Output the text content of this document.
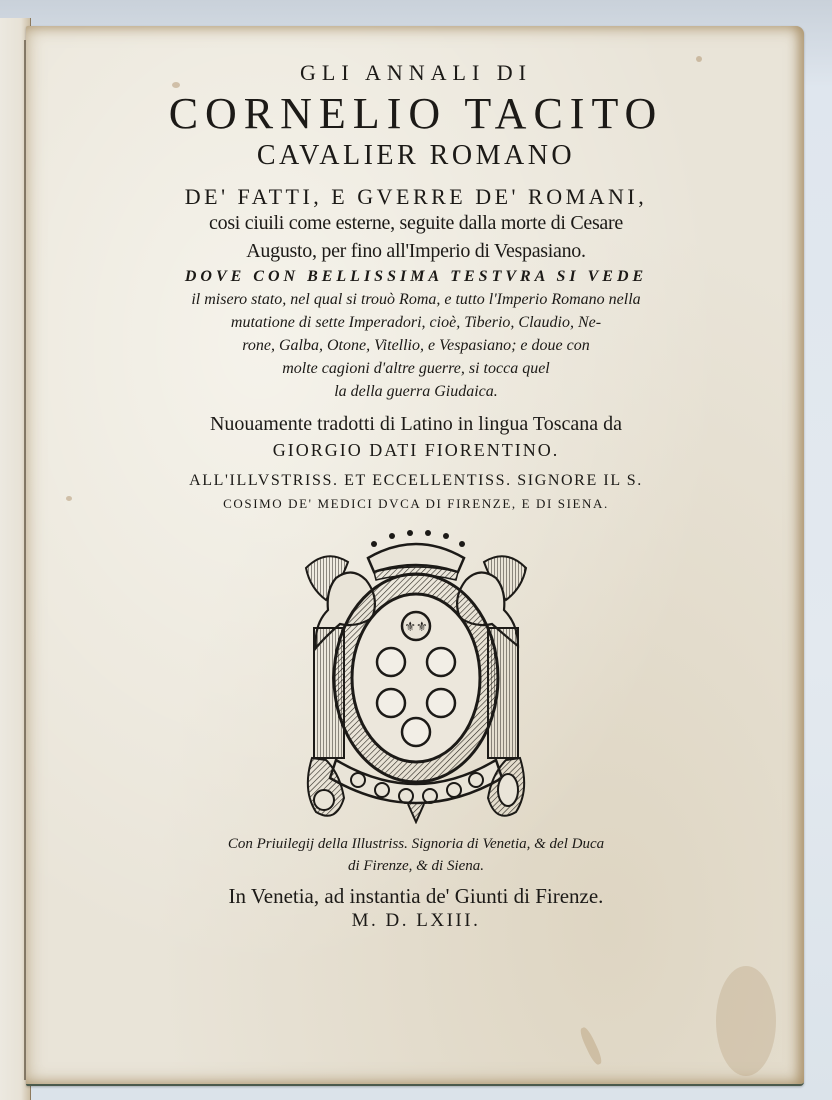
GLI ANNALI DI
CORNELIO TACITO
CAVALIER ROMANO
DE' FATTI, E GVERRE DE' ROMANI,
cosi ciuili come esterne, seguite dalla morte di Cesare
Augusto, per fino all'Imperio di Vespasiano.
DOVE CON BELLISSIMA TESTVRA SI VEDE
il misero stato, nel qual si trouò Roma, e tutto l'Imperio Romano nella
mutatione di sette Imperadori, cioè, Tiberio, Claudio, Ne-
rone, Galba, Otone, Vitellio, e Vespasiano; e doue con
molte cagioni d'altre guerre, si tocca quel
la della guerra Giudaica.
Nuouamente tradotti di Latino in lingua Toscana da
GIORGIO DATI FIORENTINO.
ALL'ILLVSTRISS. ET ECCELLENTISS. SIGNORE IL S.
COSIMO DE' MEDICI DVCA DI FIRENZE, E DI SIENA.
⚜⚜
Con Priuilegij della Illustriss. Signoria di Venetia, & del Duca
di Firenze, & di Siena.
In Venetia, ad instantia de' Giunti di Firenze.
M. D. LXIII.
